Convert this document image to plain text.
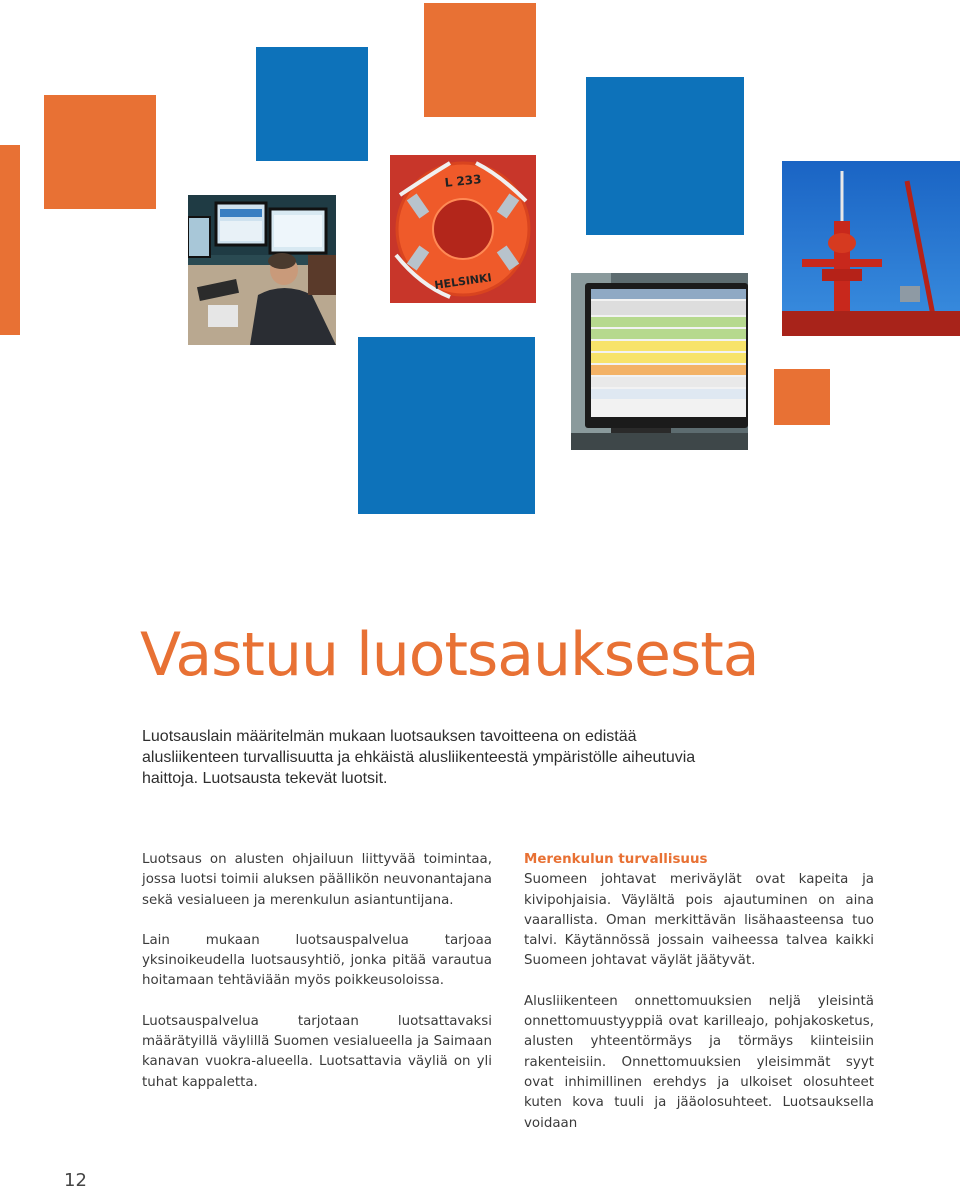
L 233
HELSINKI
Vastuu luotsauksesta

Luotsauslain määritelmän mukaan luotsauksen tavoitteena on edistää alusliikenteen turvallisuutta ja ehkäistä alusliikenteestä ympäristölle aiheutuvia haittoja. Luotsausta tekevät luotsit.

Luotsaus on alusten ohjailuun liittyvää toimintaa, jossa luotsi toimii aluksen päällikön neuvonantajana sekä vesialueen ja merenkulun asiantuntijana.

Lain mukaan luotsauspalvelua tarjoaa yksinoikeudella luotsausyhtiö, jonka pitää varautua hoitamaan tehtäviään myös poikkeusoloissa.

Luotsauspalvelua tarjotaan luotsattavaksi määrätyillä väylillä Suomen vesialueella ja Saimaan kanavan vuokra-alueella. Luotsattavia väyliä on yli tuhat kappaletta.

Merenkulun turvallisuus

Suomeen johtavat meriväylät ovat kapeita ja kivipohjaisia. Väylältä pois ajautuminen on aina vaarallista. Oman merkittävän lisähaasteensa tuo talvi. Käytännössä jossain vaiheessa talvea kaikki Suomeen johtavat väylät jäätyvät.

Alusliikenteen onnettomuuksien neljä yleisintä onnettomuustyyppiä ovat karilleajo, pohjakosketus, alusten yhteentörmäys ja törmäys kiinteisiin rakenteisiin. Onnettomuuksien yleisimmät syyt ovat inhimillinen erehdys ja ulkoiset olosuhteet kuten kova tuuli ja jääolosuhteet. Luotsauksella voidaan

12
